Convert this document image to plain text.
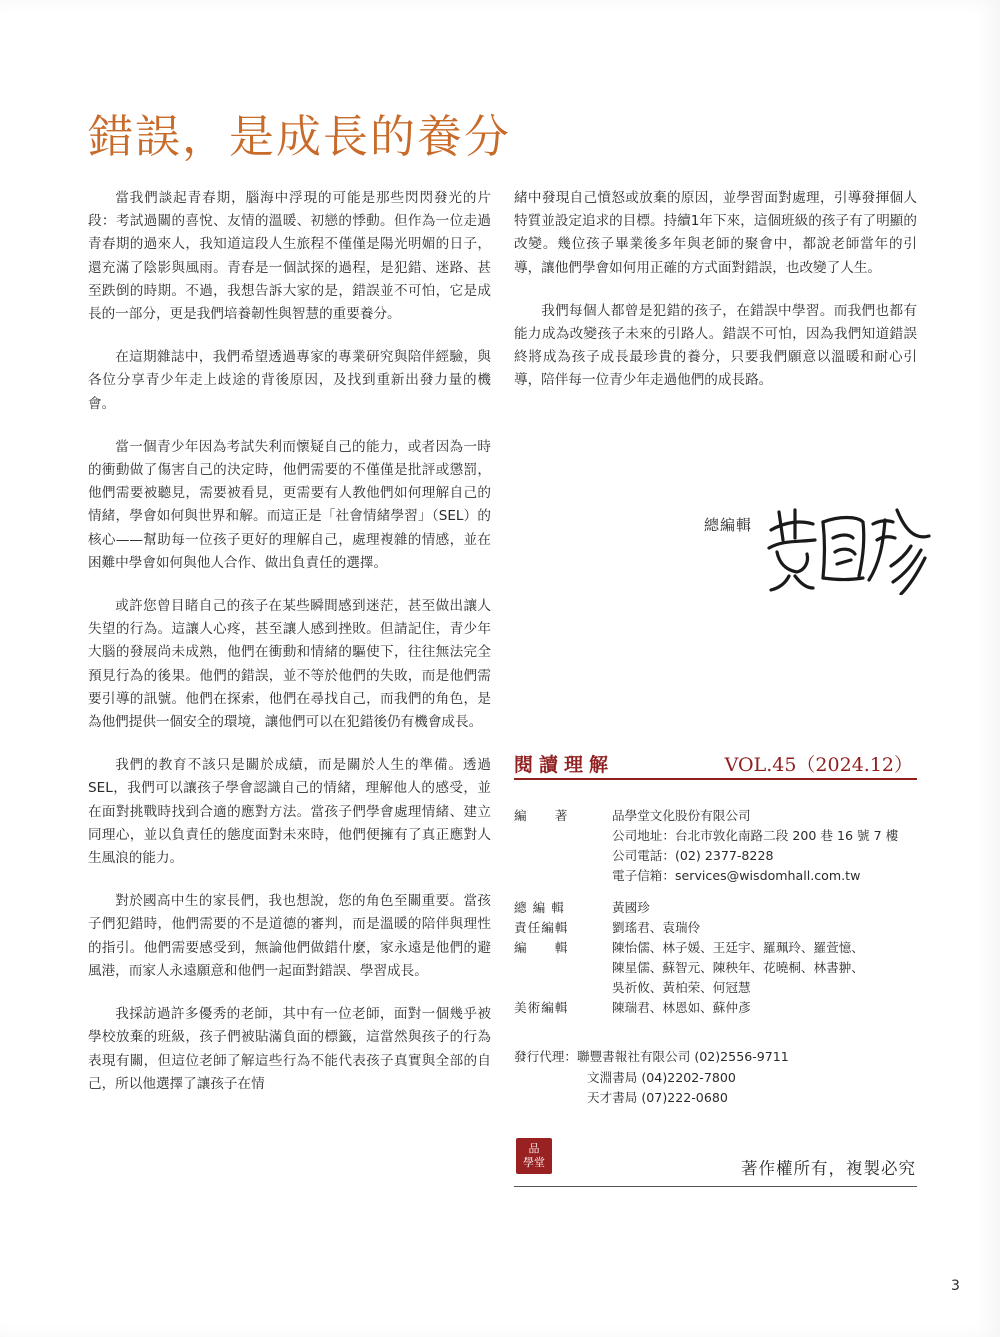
錯誤，是成長的養分

當我們談起青春期，腦海中浮現的可能是那些閃閃發光的片段：考試過關的喜悅、友情的溫暖、初戀的悸動。但作為一位走過青春期的過來人，我知道這段人生旅程不僅僅是陽光明媚的日子，還充滿了陰影與風雨。青春是一個試探的過程，是犯錯、迷路、甚至跌倒的時期。不過，我想告訴大家的是，錯誤並不可怕，它是成長的一部分，更是我們培養韌性與智慧的重要養分。

在這期雜誌中，我們希望透過專家的專業研究與陪伴經驗，與各位分享青少年走上歧途的背後原因，及找到重新出發力量的機會。

當一個青少年因為考試失利而懷疑自己的能力，或者因為一時的衝動做了傷害自己的決定時，他們需要的不僅僅是批評或懲罰，他們需要被聽見，需要被看見，更需要有人教他們如何理解自己的情緒，學會如何與世界和解。而這正是「社會情緒學習」（SEL）的核心——幫助每一位孩子更好的理解自己，處理複雜的情感，並在困難中學會如何與他人合作、做出負責任的選擇。

或許您曾目睹自己的孩子在某些瞬間感到迷茫，甚至做出讓人失望的行為。這讓人心疼，甚至讓人感到挫敗。但請記住，青少年大腦的發展尚未成熟，他們在衝動和情緒的驅使下，往往無法完全預見行為的後果。他們的錯誤，並不等於他們的失敗，而是他們需要引導的訊號。他們在探索，他們在尋找自己，而我們的角色，是為他們提供一個安全的環境，讓他們可以在犯錯後仍有機會成長。

我們的教育不該只是關於成績，而是關於人生的準備。透過 SEL，我們可以讓孩子學會認識自己的情緒，理解他人的感受，並在面對挑戰時找到合適的應對方法。當孩子們學會處理情緒、建立同理心，並以負責任的態度面對未來時，他們便擁有了真正應對人生風浪的能力。

對於國高中生的家長們，我也想說，您的角色至關重要。當孩子們犯錯時，他們需要的不是道德的審判，而是溫暖的陪伴與理性的指引。他們需要感受到，無論他們做錯什麼，家永遠是他們的避風港，而家人永遠願意和他們一起面對錯誤、學習成長。

我採訪過許多優秀的老師，其中有一位老師，面對一個幾乎被學校放棄的班級，孩子們被貼滿負面的標籤，這當然與孩子的行為表現有關，但這位老師了解這些行為不能代表孩子真實與全部的自己，所以他選擇了讓孩子在情

緒中發現自己憤怒或放棄的原因，並學習面對處理，引導發揮個人特質並設定追求的目標。持續1年下來，這個班級的孩子有了明顯的改變。幾位孩子畢業後多年與老師的聚會中，都說老師當年的引導，讓他們學會如何用正確的方式面對錯誤，也改變了人生。

我們每個人都曾是犯錯的孩子，在錯誤中學習。而我們也都有能力成為改變孩子未來的引路人。錯誤不可怕，因為我們知道錯誤終將成為孩子成長最珍貴的養分，只要我們願意以溫暖和耐心引導，陪伴每一位青少年走過他們的成長路。

總編輯
閱讀理解	VOL.45（2024.12）
編　　著	品學堂文化股份有限公司
公司地址：台北市敦化南路二段 200 巷 16 號 7 樓
公司電話：(02) 2377-8228
電子信箱：services@wisdomhall.com.tw
總 編 輯	黃國珍
責任編輯	劉瑤君、袁瑞伶
編　　輯	陳怡儒、林子媛、王廷宇、羅珮玲、羅萱憶、
陳星儒、蘇智元、陳秧年、花曉桐、林書翀、
吳祈攸、黃柏荣、何冠慧
美術編輯	陳瑞君、林恩如、蘇仲彥
發行代理：聯豐書報社有限公司 (02)2556-9711
文淵書局 (04)2202-7800
天才書局 (07)222-0680
品
學堂	著作權所有，複製必究
3
